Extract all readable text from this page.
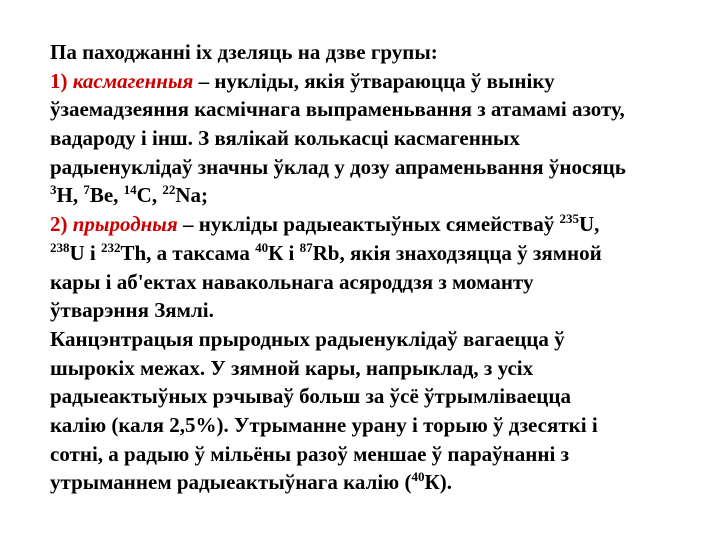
Па паходжанні іх дзеляць на дзве групы:
1) касмагенныя – нукліды, якія ўтвараюцца ў выніку
ўзаемадзеяння касмічнага выпраменьвання з атамамі азоту,
вадароду і інш. З вялікай колькасці касмагенных
радыенуклідаў значны ўклад у дозу апраменьвання ўносяць
$^3$H, $^7$Be, $^{14}$C, $^{22}$Na;
2) прыродныя – нукліды радыеактыўных сямействаў $^{235}$U,
$^{238}$U і $^{232}$Th, а таксама $^{40}$К і $^{87}$Rb, якія знаходзяцца ў зямной
кары і аб'ектах навакольнага асяроддзя з моманту
ўтварэння Зямлі.
Канцэнтрацыя прыродных радыенуклідаў вагаецца ў
шырокіх межах. У зямной кары, напрыклад, з усіх
радыеактыўных рэчываў больш за ўсё ўтрымліваецца
калію (каля 2,5%). Утрыманне урану і торыю ў дзесяткі і
сотні, а радыю ў мільёны разоў меншае ў параўнанні з
утрыманнем радыеактыўнага калію ($^{40}$К).
